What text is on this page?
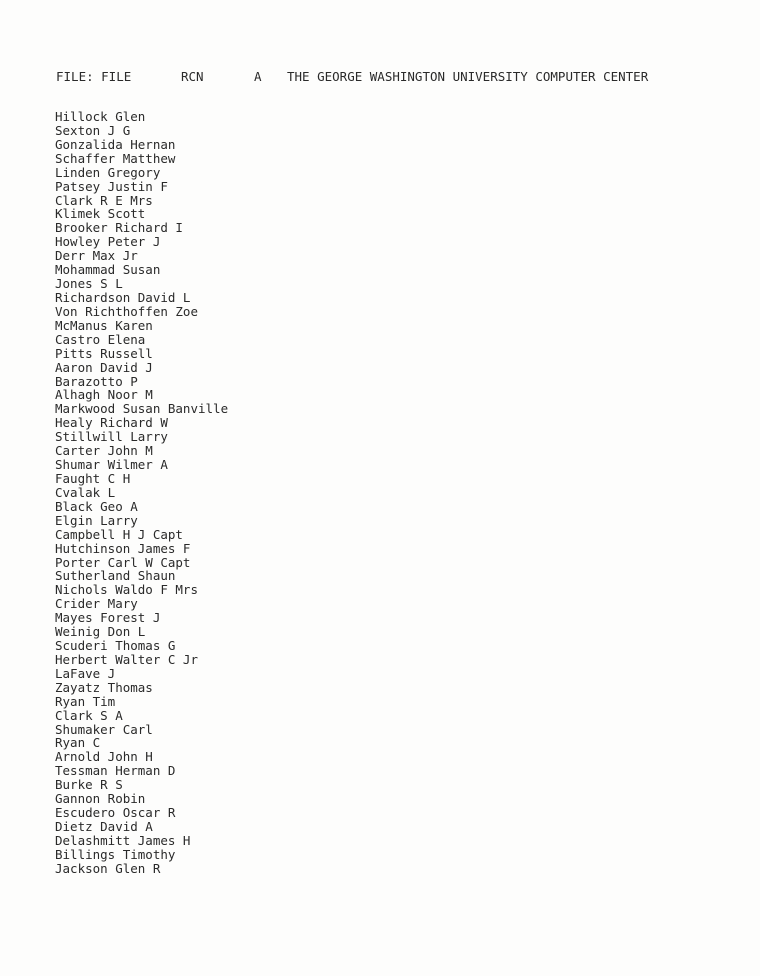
FILE: FILE	RCN	A THE GEORGE WASHINGTON UNIVERSITY COMPUTER CENTER
Hillock Glen
Sexton J G
Gonzalida Hernan
Schaffer Matthew
Linden Gregory
Patsey Justin F
Clark R E Mrs
Klimek Scott
Brooker Richard I
Howley Peter J
Derr Max Jr
Mohammad Susan
Jones S L
Richardson David L
Von Richthoffen Zoe
McManus Karen
Castro Elena
Pitts Russell
Aaron David J
Barazotto P
Alhagh Noor M
Markwood Susan Banville
Healy Richard W
Stillwill Larry
Carter John M
Shumar Wilmer A
Faught C H
Cvalak L
Black Geo A
Elgin Larry
Campbell H J Capt
Hutchinson James F
Porter Carl W Capt
Sutherland Shaun
Nichols Waldo F Mrs
Crider Mary
Mayes Forest J
Weinig Don L
Scuderi Thomas G
Herbert Walter C Jr
LaFave J
Zayatz Thomas
Ryan Tim
Clark S A
Shumaker Carl
Ryan C
Arnold John H
Tessman Herman D
Burke R S
Gannon Robin
Escudero Oscar R
Dietz David A
Delashmitt James H
Billings Timothy
Jackson Glen R
